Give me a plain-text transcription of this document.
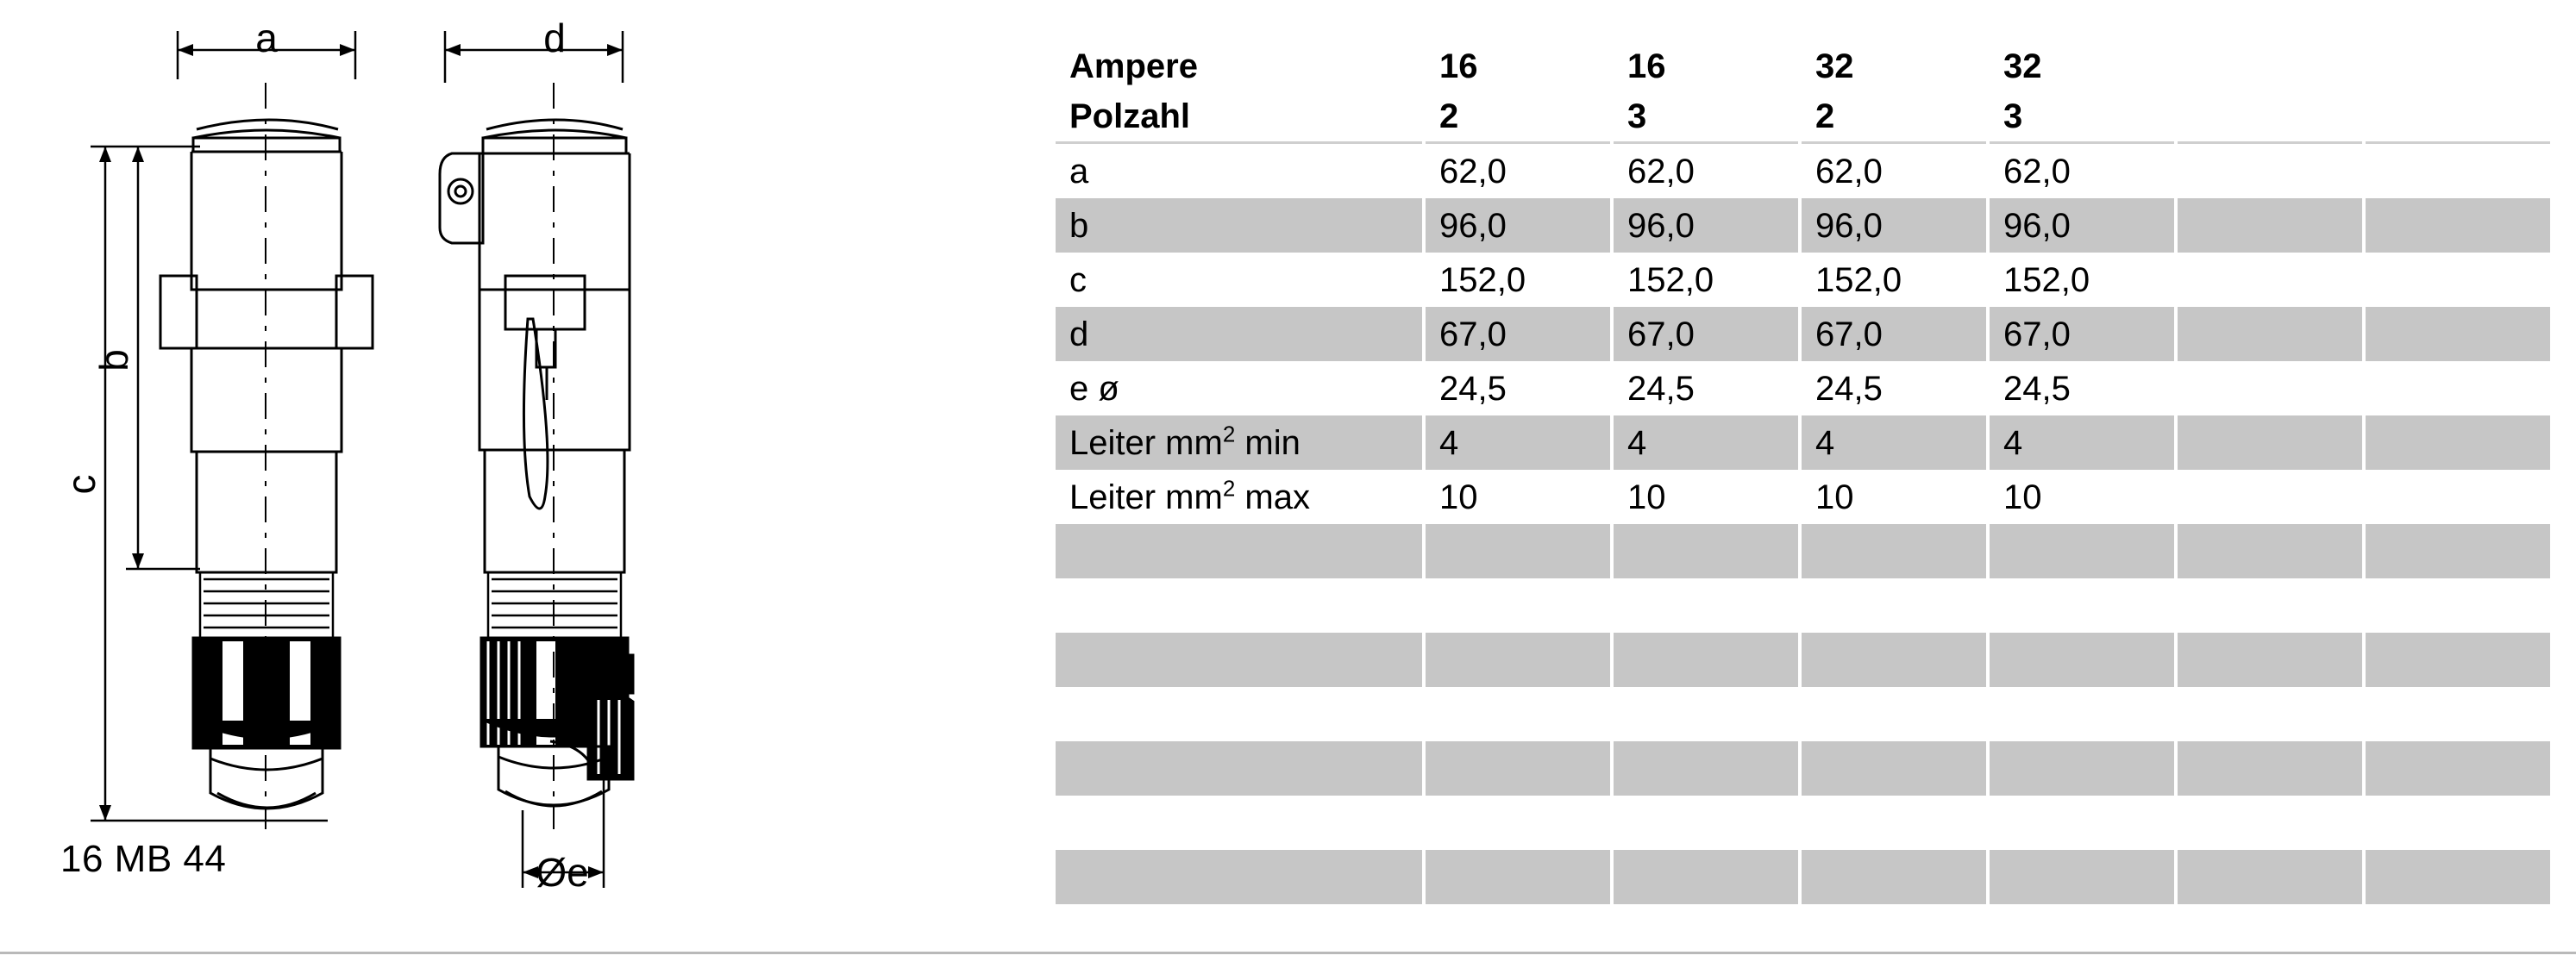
a	d
b
c
Øe
16 MB 44
Ampere	16	16	32	32		
Polzahl	2	3	2	3		
a	62,0	62,0	62,0	62,0		
b	96,0	96,0	96,0	96,0		
c	152,0	152,0	152,0	152,0		
d	67,0	67,0	67,0	67,0		
e ø	24,5	24,5	24,5	24,5		
Leiter $mm^2$ min	4	4	4	4		
Leiter $mm^2$ max	10	10	10	10		
